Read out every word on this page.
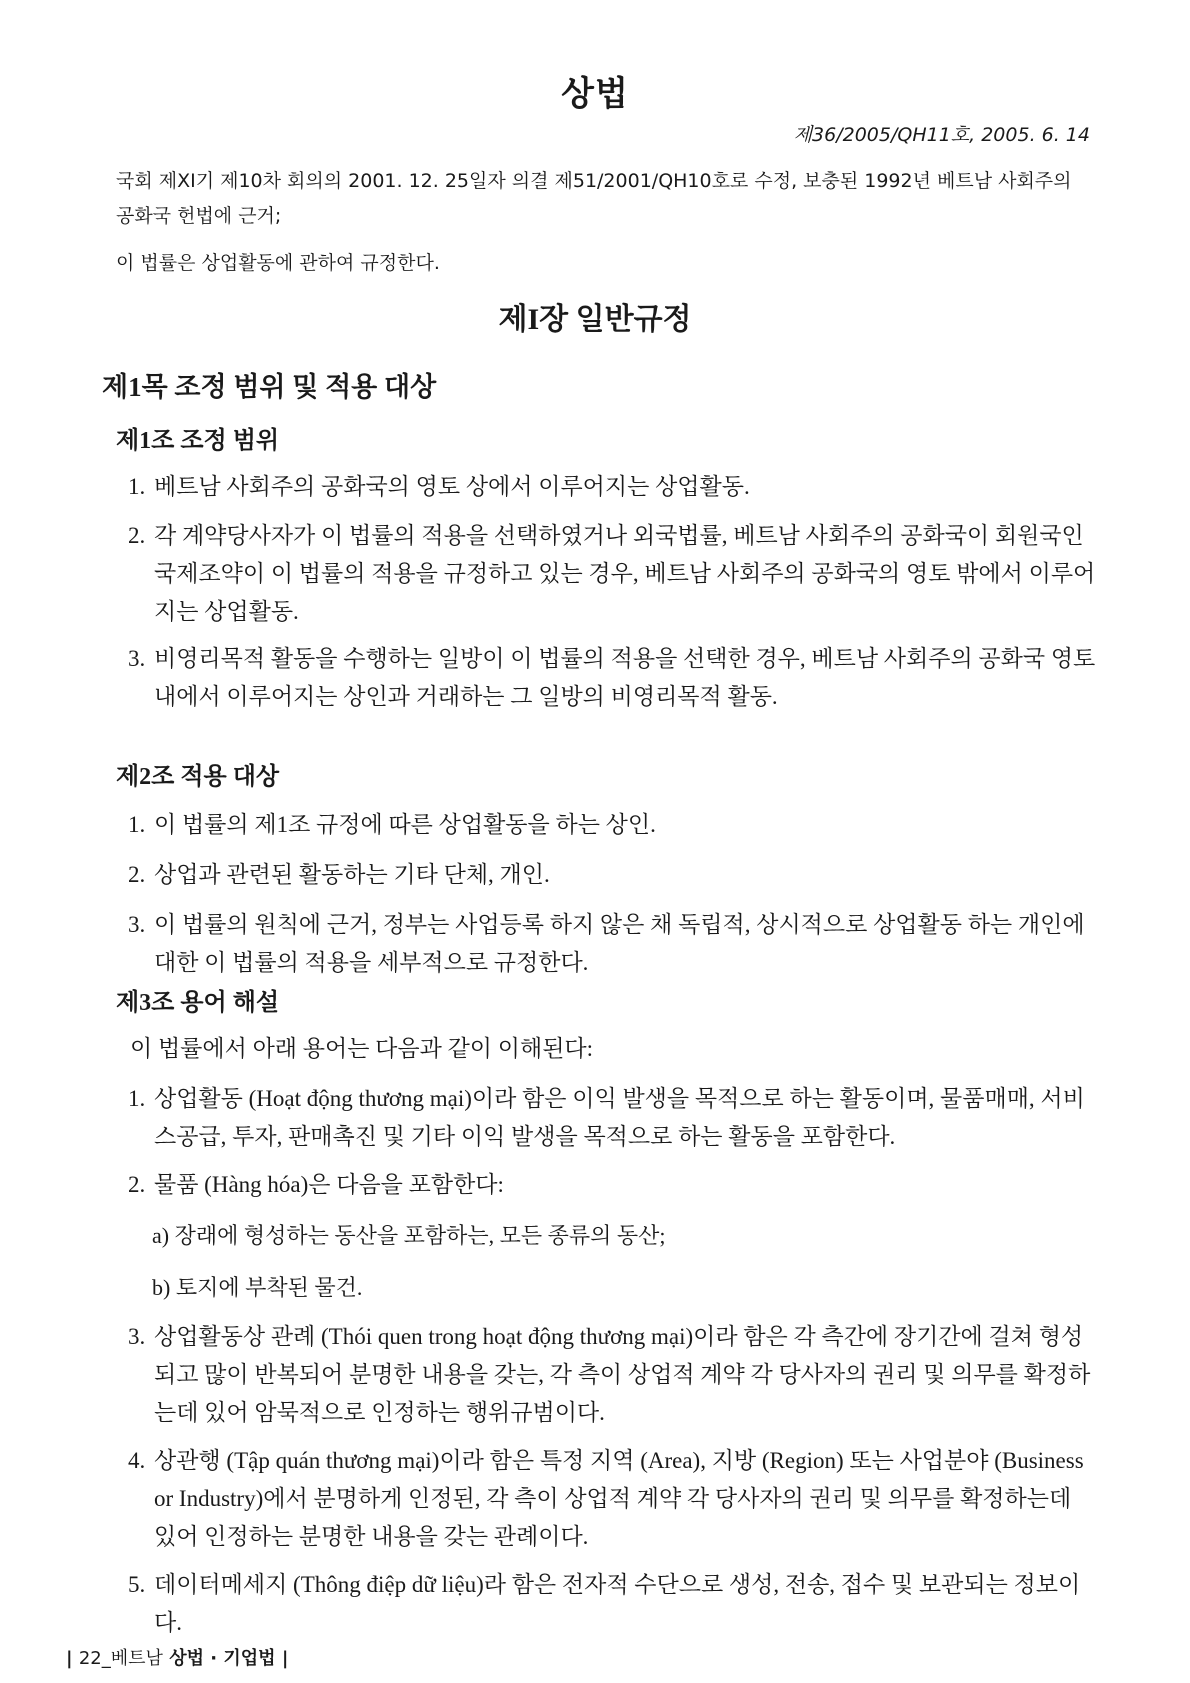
상법
제36/2005/QH11호, 2005. 6. 14
국회 제XI기 제10차 회의의 2001. 12. 25일자 의결 제51/2001/QH10호로 수정, 보충된 1992년 베트남 사회주의 공화국 헌법에 근거;
이 법률은 상업활동에 관하여 규정한다.
제I장 일반규정
제1목 조정 범위 및 적용 대상
제1조 조정 범위
1. 베트남 사회주의 공화국의 영토 상에서 이루어지는 상업활동.
2. 각 계약당사자가 이 법률의 적용을 선택하였거나 외국법률, 베트남 사회주의 공화국이 회원국인 국제조약이 이 법률의 적용을 규정하고 있는 경우, 베트남 사회주의 공화국의 영토 밖에서 이루어지는 상업활동.
3. 비영리목적 활동을 수행하는 일방이 이 법률의 적용을 선택한 경우, 베트남 사회주의 공화국 영토 내에서 이루어지는 상인과 거래하는 그 일방의 비영리목적 활동.
제2조 적용 대상
1. 이 법률의 제1조 규정에 따른 상업활동을 하는 상인.
2. 상업과 관련된 활동하는 기타 단체, 개인.
3. 이 법률의 원칙에 근거, 정부는 사업등록 하지 않은 채 독립적, 상시적으로 상업활동 하는 개인에 대한 이 법률의 적용을 세부적으로 규정한다.
제3조 용어 해설
이 법률에서 아래 용어는 다음과 같이 이해된다:
1. 상업활동 (Hoạt động thương mại)이라 함은 이익 발생을 목적으로 하는 활동이며, 물품매매, 서비스공급, 투자, 판매촉진 및 기타 이익 발생을 목적으로 하는 활동을 포함한다.
2. 물품 (Hàng hóa)은 다음을 포함한다:
a) 장래에 형성하는 동산을 포함하는, 모든 종류의 동산;
b) 토지에 부착된 물건.
3. 상업활동상 관례 (Thói quen trong hoạt động thương mại)이라 함은 각 측간에 장기간에 걸쳐 형성되고 많이 반복되어 분명한 내용을 갖는, 각 측이 상업적 계약 각 당사자의 권리 및 의무를 확정하는데 있어 암묵적으로 인정하는 행위규범이다.
4. 상관행 (Tập quán thương mại)이라 함은 특정 지역 (Area), 지방 (Region) 또는 사업분야 (Business or Industry)에서 분명하게 인정된, 각 측이 상업적 계약 각 당사자의 권리 및 의무를 확정하는데 있어 인정하는 분명한 내용을 갖는 관례이다.
5. 데이터메세지 (Thông điệp dữ liệu)라 함은 전자적 수단으로 생성, 전송, 접수 및 보관되는 정보이다.
| 22_베트남 상법 · 기업법 |
